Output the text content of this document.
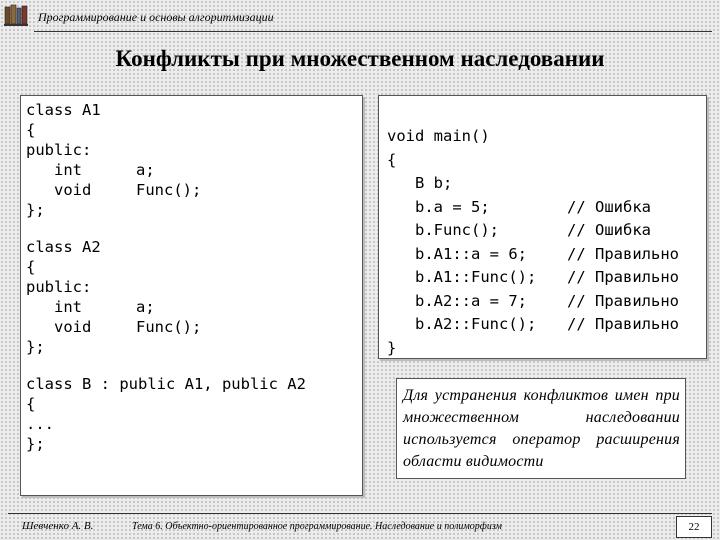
Программирование и основы алгоритмизации
Конфликты при множественном наследовании
class A1
{
public:
int	a;
void	Func();
};
class A2
{
public:
int	a;
void	Func();
};
class B : public A1, public A2
{
...
};
void main()
{
B b;
b.a = 5;	// Ошибка
b.Func();	// Ошибка
b.A1::a = 6;	// Правильно
b.A1::Func(); // Правильно
b.A2::a = 7;	// Правильно
b.A2::Func(); // Правильно
}
Для устранения конфликтов имен при множественном наследовании используется оператор расширения области видимости
Шевченко А. В.	Тема 6. Объектно-ориентированное программирование. Наследование и полиморфизм	22
